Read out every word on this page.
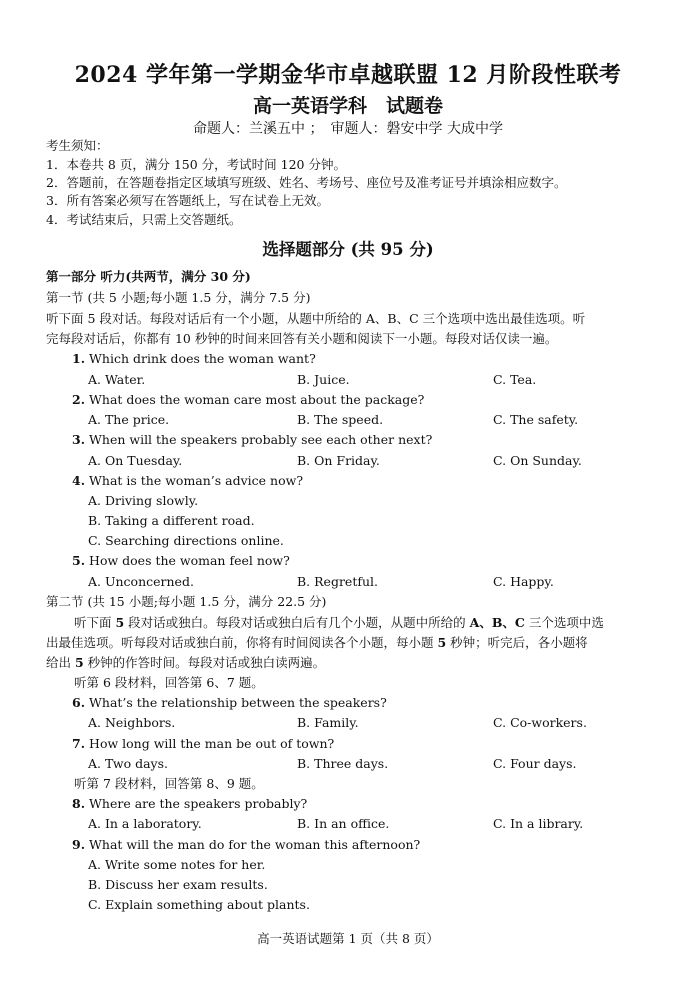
2024 学年第一学期金华市卓越联盟 12 月阶段性联考
高一英语学科　试题卷
命题人：兰溪五中 ；　审题人：磐安中学 大成中学
考生须知：
1．本卷共 8 页，满分 150 分，考试时间 120 分钟。
2．答题前，在答题卷指定区域填写班级、姓名、考场号、座位号及准考证号并填涂相应数字。
3．所有答案必须写在答题纸上，写在试卷上无效。
4．考试结束后，只需上交答题纸。
选择题部分 (共 95 分)
第一部分 听力(共两节，满分 30 分)
第一节 (共 5 小题;每小题 1.5 分，满分 7.5 分)
听下面 5 段对话。每段对话后有一个小题，从题中所给的 A、B、C 三个选项中选出最佳选项。听
完每段对话后，你都有 10 秒钟的时间来回答有关小题和阅读下一小题。每段对话仅读一遍。
1. Which drink does the woman want?
A. Water.	B. Juice.	C. Tea.
2. What does the woman care most about the package?
A. The price.	B. The speed.	C. The safety.
3. When will the speakers probably see each other next?
A. On Tuesday.	B. On Friday.	C. On Sunday.
4. What is the woman’s advice now?
A. Driving slowly.
B. Taking a different road.
C. Searching directions online.
5. How does the woman feel now?
A. Unconcerned.	B. Regretful.	C. Happy.
第二节 (共 15 小题;每小题 1.5 分，满分 22.5 分)
听下面 5 段对话或独白。每段对话或独白后有几个小题，从题中所给的 A、B、C 三个选项中选
出最佳选项。听每段对话或独白前，你将有时间阅读各个小题，每小题 5 秒钟；听完后，各小题将
给出 5 秒钟的作答时间。每段对话或独白读两遍。
听第 6 段材料，回答第 6、7 题。
6. What’s the relationship between the speakers?
A. Neighbors.	B. Family.	C. Co-workers.
7. How long will the man be out of town?
A. Two days.	B. Three days.	C. Four days.
听第 7 段材料，回答第 8、9 题。
8. Where are the speakers probably?
A. In a laboratory.	B. In an office.	C. In a library.
9. What will the man do for the woman this afternoon?
A. Write some notes for her.
B. Discuss her exam results.
C. Explain something about plants.
高一英语试题第 1 页（共 8 页）
